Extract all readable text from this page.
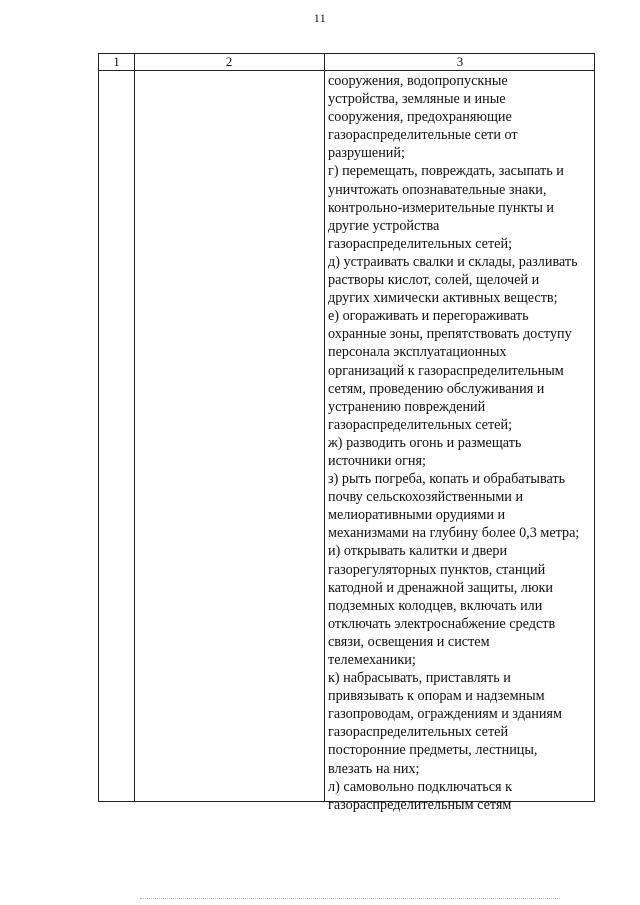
11
1	2	3
сооружения, водопропускные
устройства, земляные и иные
сооружения, предохраняющие
газораспределительные сети от
разрушений;
г) перемещать, повреждать, засыпать и
уничтожать опознавательные знаки,
контрольно-измерительные пункты и
другие устройства
газораспределительных сетей;
д) устраивать свалки и склады, разливать
растворы кислот, солей, щелочей и
других химически активных веществ;
е) огораживать и перегораживать
охранные зоны, препятствовать доступу
персонала эксплуатационных
организаций к газораспределительным
сетям, проведению обслуживания и
устранению повреждений
газораспределительных сетей;
ж) разводить огонь и размещать
источники огня;
з) рыть погреба, копать и обрабатывать
почву сельскохозяйственными и
мелиоративными орудиями и
механизмами на глубину более 0,3 метра;
и) открывать калитки и двери
газорегуляторных пунктов, станций
катодной и дренажной защиты, люки
подземных колодцев, включать или
отключать электроснабжение средств
связи, освещения и систем
телемеханики;
к) набрасывать, приставлять и
привязывать к опорам и надземным
газопроводам, ограждениям и зданиям
газораспределительных сетей
посторонние предметы, лестницы,
влезать на них;
л) самовольно подключаться к
газораспределительным сетям
